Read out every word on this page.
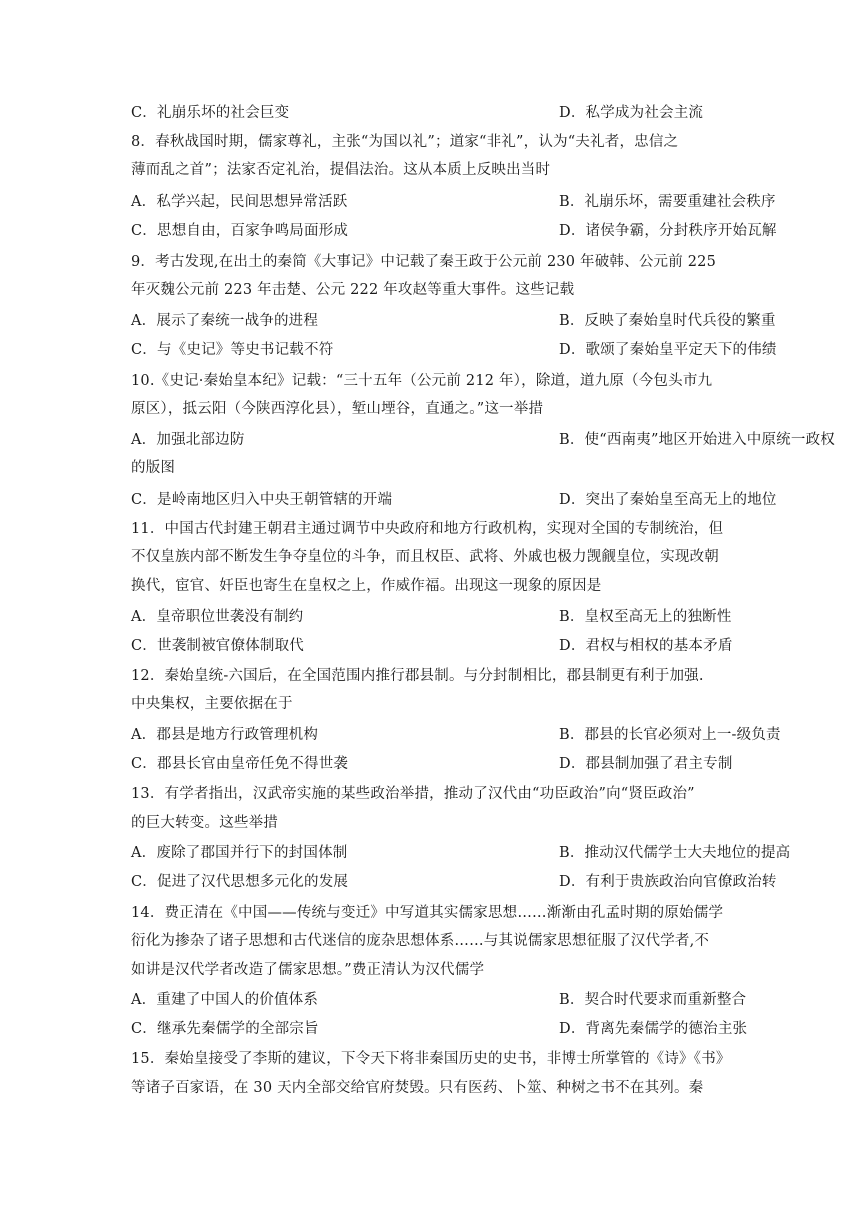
C．礼崩乐坏的社会巨变	D．私学成为社会主流
8．春秋战国时期，儒家尊礼，主张“为国以礼”；道家“非礼”，认为“夫礼者，忠信之
薄而乱之首”；法家否定礼治，提倡法治。这从本质上反映出当时
A．私学兴起，民间思想异常活跃	B．礼崩乐坏，需要重建社会秩序
C．思想自由，百家争鸣局面形成	D．诸侯争霸，分封秩序开始瓦解
9．考古发现,在出土的秦简《大事记》中记载了秦王政于公元前 230 年破韩、公元前 225
年灭魏公元前 223 年击楚、公元 222 年攻赵等重大事件。这些记载
A．展示了秦统一战争的进程	B．反映了秦始皇时代兵役的繁重
C．与《史记》等史书记载不符	D．歌颂了秦始皇平定天下的伟绩
10.《史记·秦始皇本纪》记载：“三十五年（公元前 212 年），除道，道九原（今包头市九
原区），抵云阳（今陕西淳化县），堑山堙谷，直通之。”这一举措
A．加强北部边防	B．使“西南夷”地区开始进入中原统一政权
的版图
C．是岭南地区归入中央王朝管辖的开端	D．突出了秦始皇至高无上的地位
11．中国古代封建王朝君主通过调节中央政府和地方行政机构，实现对全国的专制统治，但
不仅皇族内部不断发生争夺皇位的斗争，而且权臣、武将、外戚也极力觊觎皇位，实现改朝
换代，宦官、奸臣也寄生在皇权之上，作威作福。出现这一现象的原因是
A．皇帝职位世袭没有制约	B．皇权至高无上的独断性
C．世袭制被官僚体制取代	D．君权与相权的基本矛盾
12．秦始皇统-六国后，在全国范围内推行郡县制。与分封制相比，郡县制更有利于加强.
中央集权，主要依据在于
A．郡县是地方行政管理机构	B．郡县的长官必须对上一-级负责
C．郡县长官由皇帝任免不得世袭	D．郡县制加强了君主专制
13．有学者指出，汉武帝实施的某些政治举措，推动了汉代由“功臣政治”向“贤臣政治”
的巨大转变。这些举措
A．废除了郡国并行下的封国体制	B．推动汉代儒学士大夫地位的提高
C．促进了汉代思想多元化的发展	D．有利于贵族政治向官僚政治转
14．费正清在《中国——传统与变迁》中写道其实儒家思想……渐渐由孔孟时期的原始儒学
衍化为掺杂了诸子思想和古代迷信的庞杂思想体系……与其说儒家思想征服了汉代学者,不
如讲是汉代学者改造了儒家思想。”费正清认为汉代儒学
A．重建了中国人的价值体系	B．契合时代要求而重新整合
C．继承先秦儒学的全部宗旨	D．背离先秦儒学的德治主张
15．秦始皇接受了李斯的建议，下令天下将非秦国历史的史书，非博士所掌管的《诗》《书》
等诸子百家语，在 30 天内全部交给官府焚毁。只有医药、卜筮、种树之书不在其列。秦
